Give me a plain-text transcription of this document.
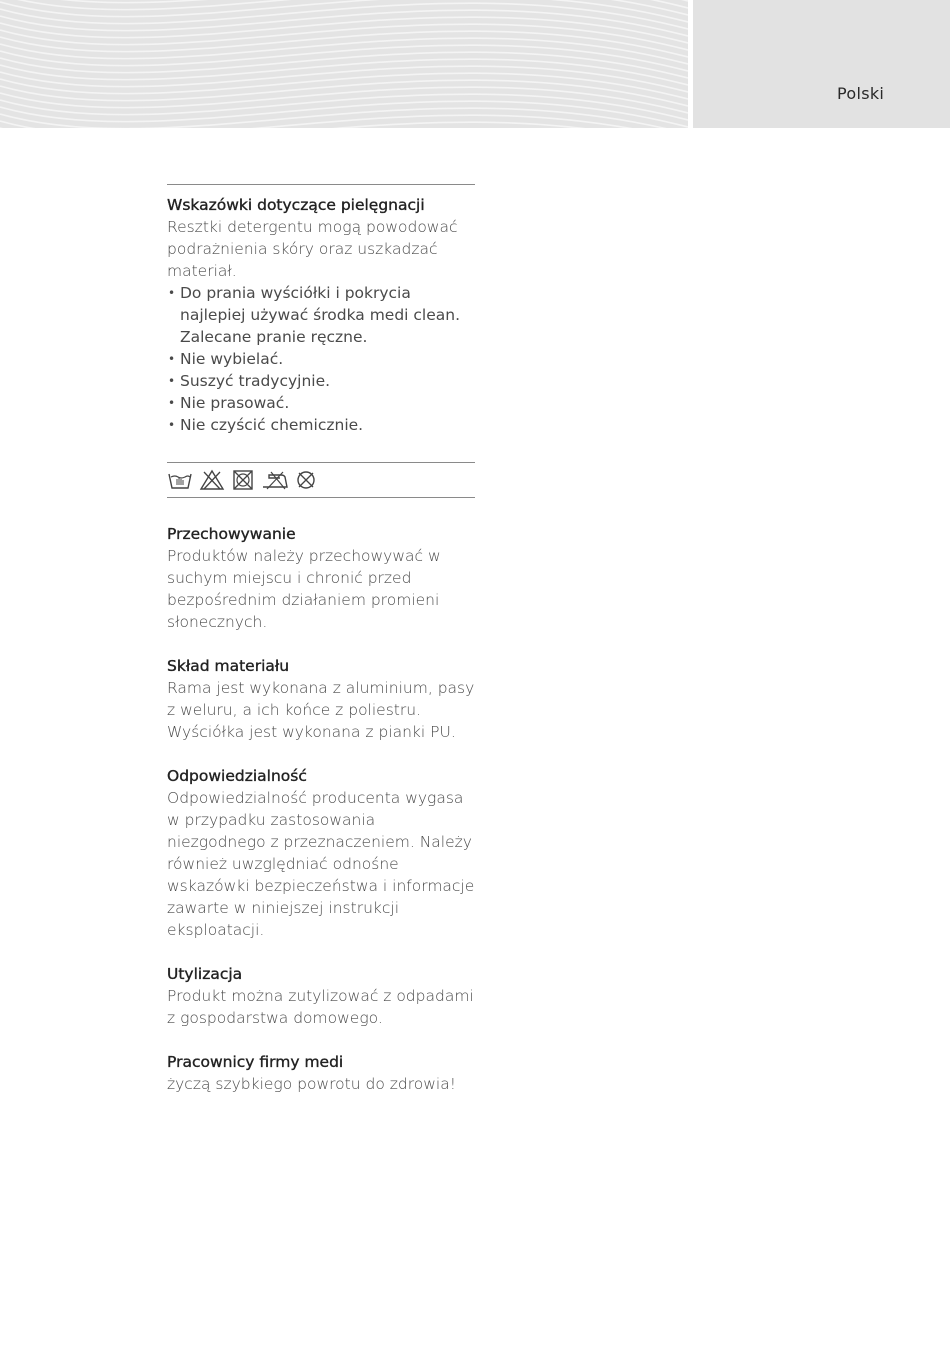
Polski
Wskazówki dotyczące pielęgnacji

Resztki detergentu mogą powodować podrażnienia skóry oraz uszkadzać materiał.

• Do prania wyściółki i pokrycia najlepiej używać środka medi clean. Zalecane pranie ręczne.
• Nie wybielać.
• Suszyć tradycyjnie.
• Nie prasować.
• Nie czyścić chemicznie.
Przechowywanie

Produktów należy przechowywać w suchym miejscu i chronić przed bezpośrednim działaniem promieni słonecznych.

Skład materiału

Rama jest wykonana z aluminium, pasy z weluru, a ich końce z poliestru. Wyściółka jest wykonana z pianki PU.

Odpowiedzialność

Odpowiedzialność producenta wygasa w przypadku zastosowania niezgodnego z przeznaczeniem. Należy również uwzględniać odnośne wskazówki bezpieczeństwa i informacje zawarte w niniejszej instrukcji eksploatacji.

Utylizacja

Produkt można zutylizować z odpadami z gospodarstwa domowego.

Pracownicy firmy medi

życzą szybkiego powrotu do zdrowia!
